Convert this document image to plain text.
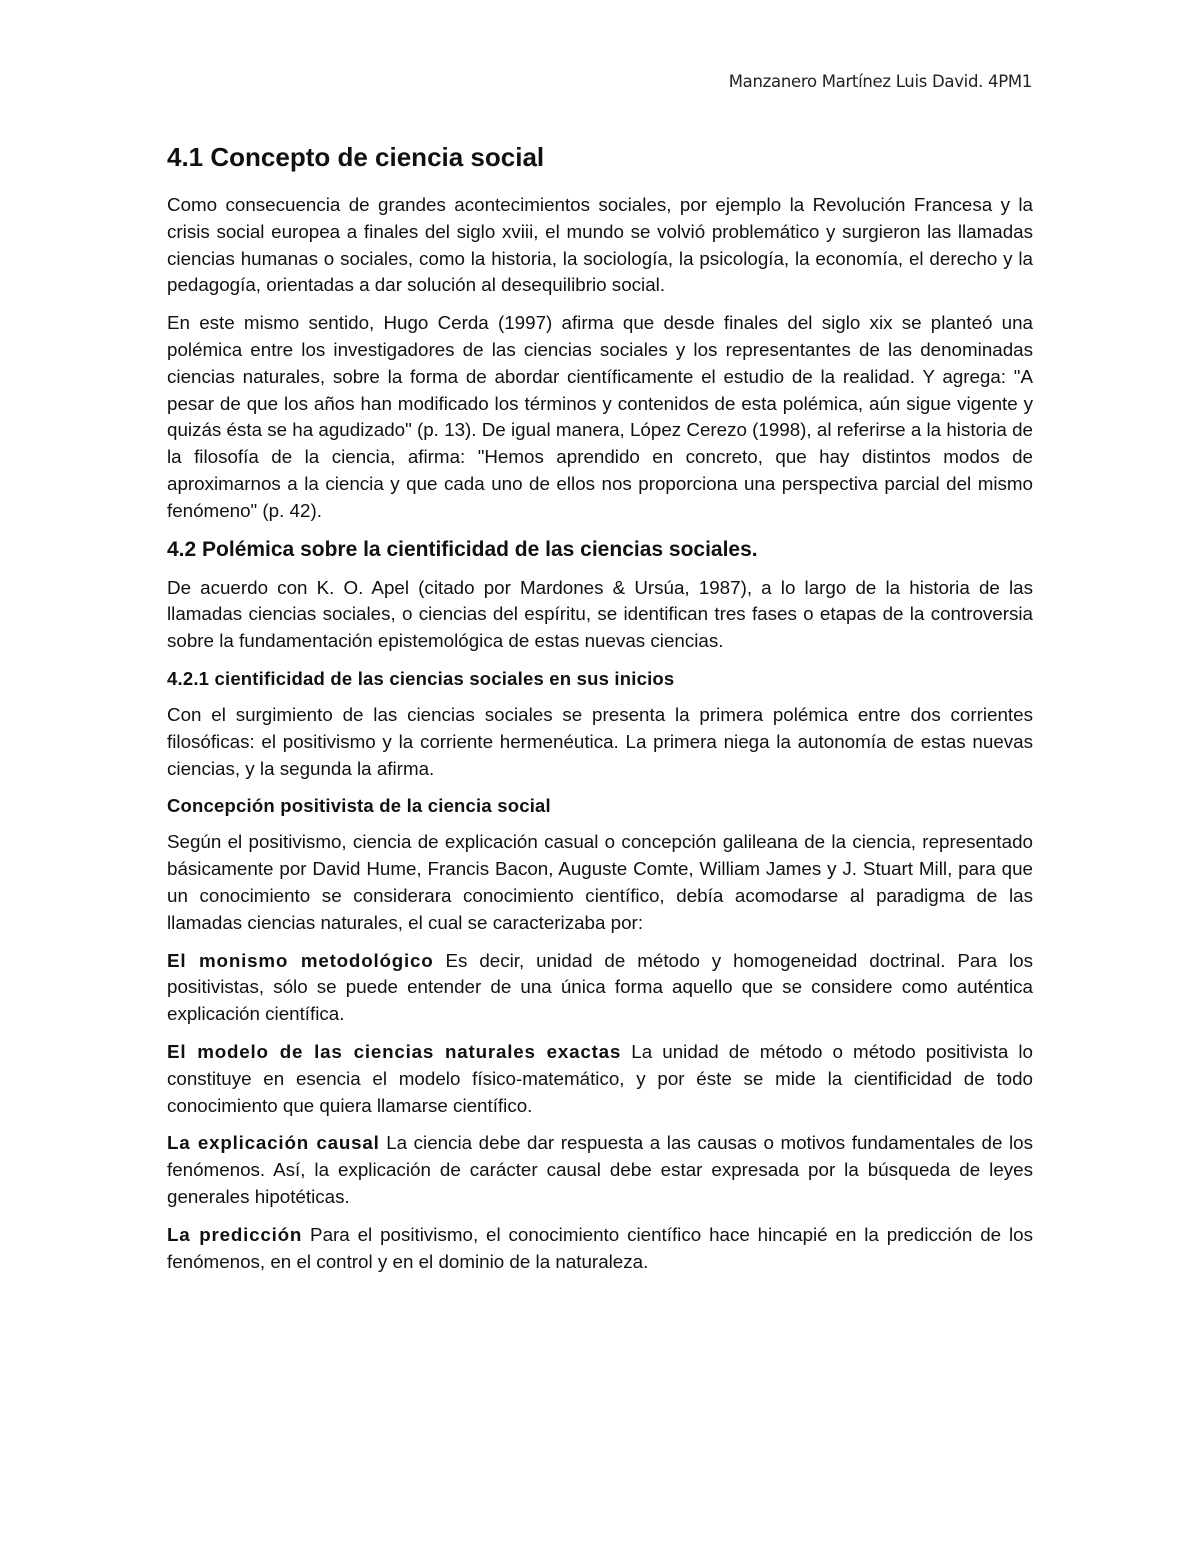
Manzanero Martínez Luis David. 4PM1
4.1 Concepto de ciencia social

Como consecuencia de grandes acontecimientos sociales, por ejemplo la Revolución Francesa y la crisis social europea a finales del siglo xviii, el mundo se volvió problemático y surgieron las llamadas ciencias humanas o sociales, como la historia, la sociología, la psicología, la economía, el derecho y la pedagogía, orientadas a dar solución al desequilibrio social.

En este mismo sentido, Hugo Cerda (1997) afirma que desde finales del siglo xix se planteó una polémica entre los investigadores de las ciencias sociales y los representantes de las denominadas ciencias naturales, sobre la forma de abordar científicamente el estudio de la realidad. Y agrega: "A pesar de que los años han modificado los términos y contenidos de esta polémica, aún sigue vigente y quizás ésta se ha agudizado" (p. 13). De igual manera, López Cerezo (1998), al referirse a la historia de la filosofía de la ciencia, afirma: "Hemos aprendido en concreto, que hay distintos modos de aproximarnos a la ciencia y que cada uno de ellos nos proporciona una perspectiva parcial del mismo fenómeno" (p. 42).

4.2 Polémica sobre la cientificidad de las ciencias sociales.

De acuerdo con K. O. Apel (citado por Mardones & Ursúa, 1987), a lo largo de la historia de las llamadas ciencias sociales, o ciencias del espíritu, se identifican tres fases o etapas de la controversia sobre la fundamentación epistemológica de estas nuevas ciencias.

4.2.1 cientificidad de las ciencias sociales en sus inicios

Con el surgimiento de las ciencias sociales se presenta la primera polémica entre dos corrientes filosóficas: el positivismo y la corriente hermenéutica. La primera niega la autonomía de estas nuevas ciencias, y la segunda la afirma.

Concepción positivista de la ciencia social

Según el positivismo, ciencia de explicación casual o concepción galileana de la ciencia, representado básicamente por David Hume, Francis Bacon, Auguste Comte, William James y J. Stuart Mill, para que un conocimiento se considerara conocimiento científico, debía acomodarse al paradigma de las llamadas ciencias naturales, el cual se caracterizaba por:

El monismo metodológico Es decir, unidad de método y homogeneidad doctrinal. Para los positivistas, sólo se puede entender de una única forma aquello que se considere como auténtica explicación científica.

El modelo de las ciencias naturales exactas La unidad de método o método positivista lo constituye en esencia el modelo físico-matemático, y por éste se mide la cientificidad de todo conocimiento que quiera llamarse científico.

La explicación causal La ciencia debe dar respuesta a las causas o motivos fundamentales de los fenómenos. Así, la explicación de carácter causal debe estar expresada por la búsqueda de leyes generales hipotéticas.

La predicción Para el positivismo, el conocimiento científico hace hincapié en la predicción de los fenómenos, en el control y en el dominio de la naturaleza.
